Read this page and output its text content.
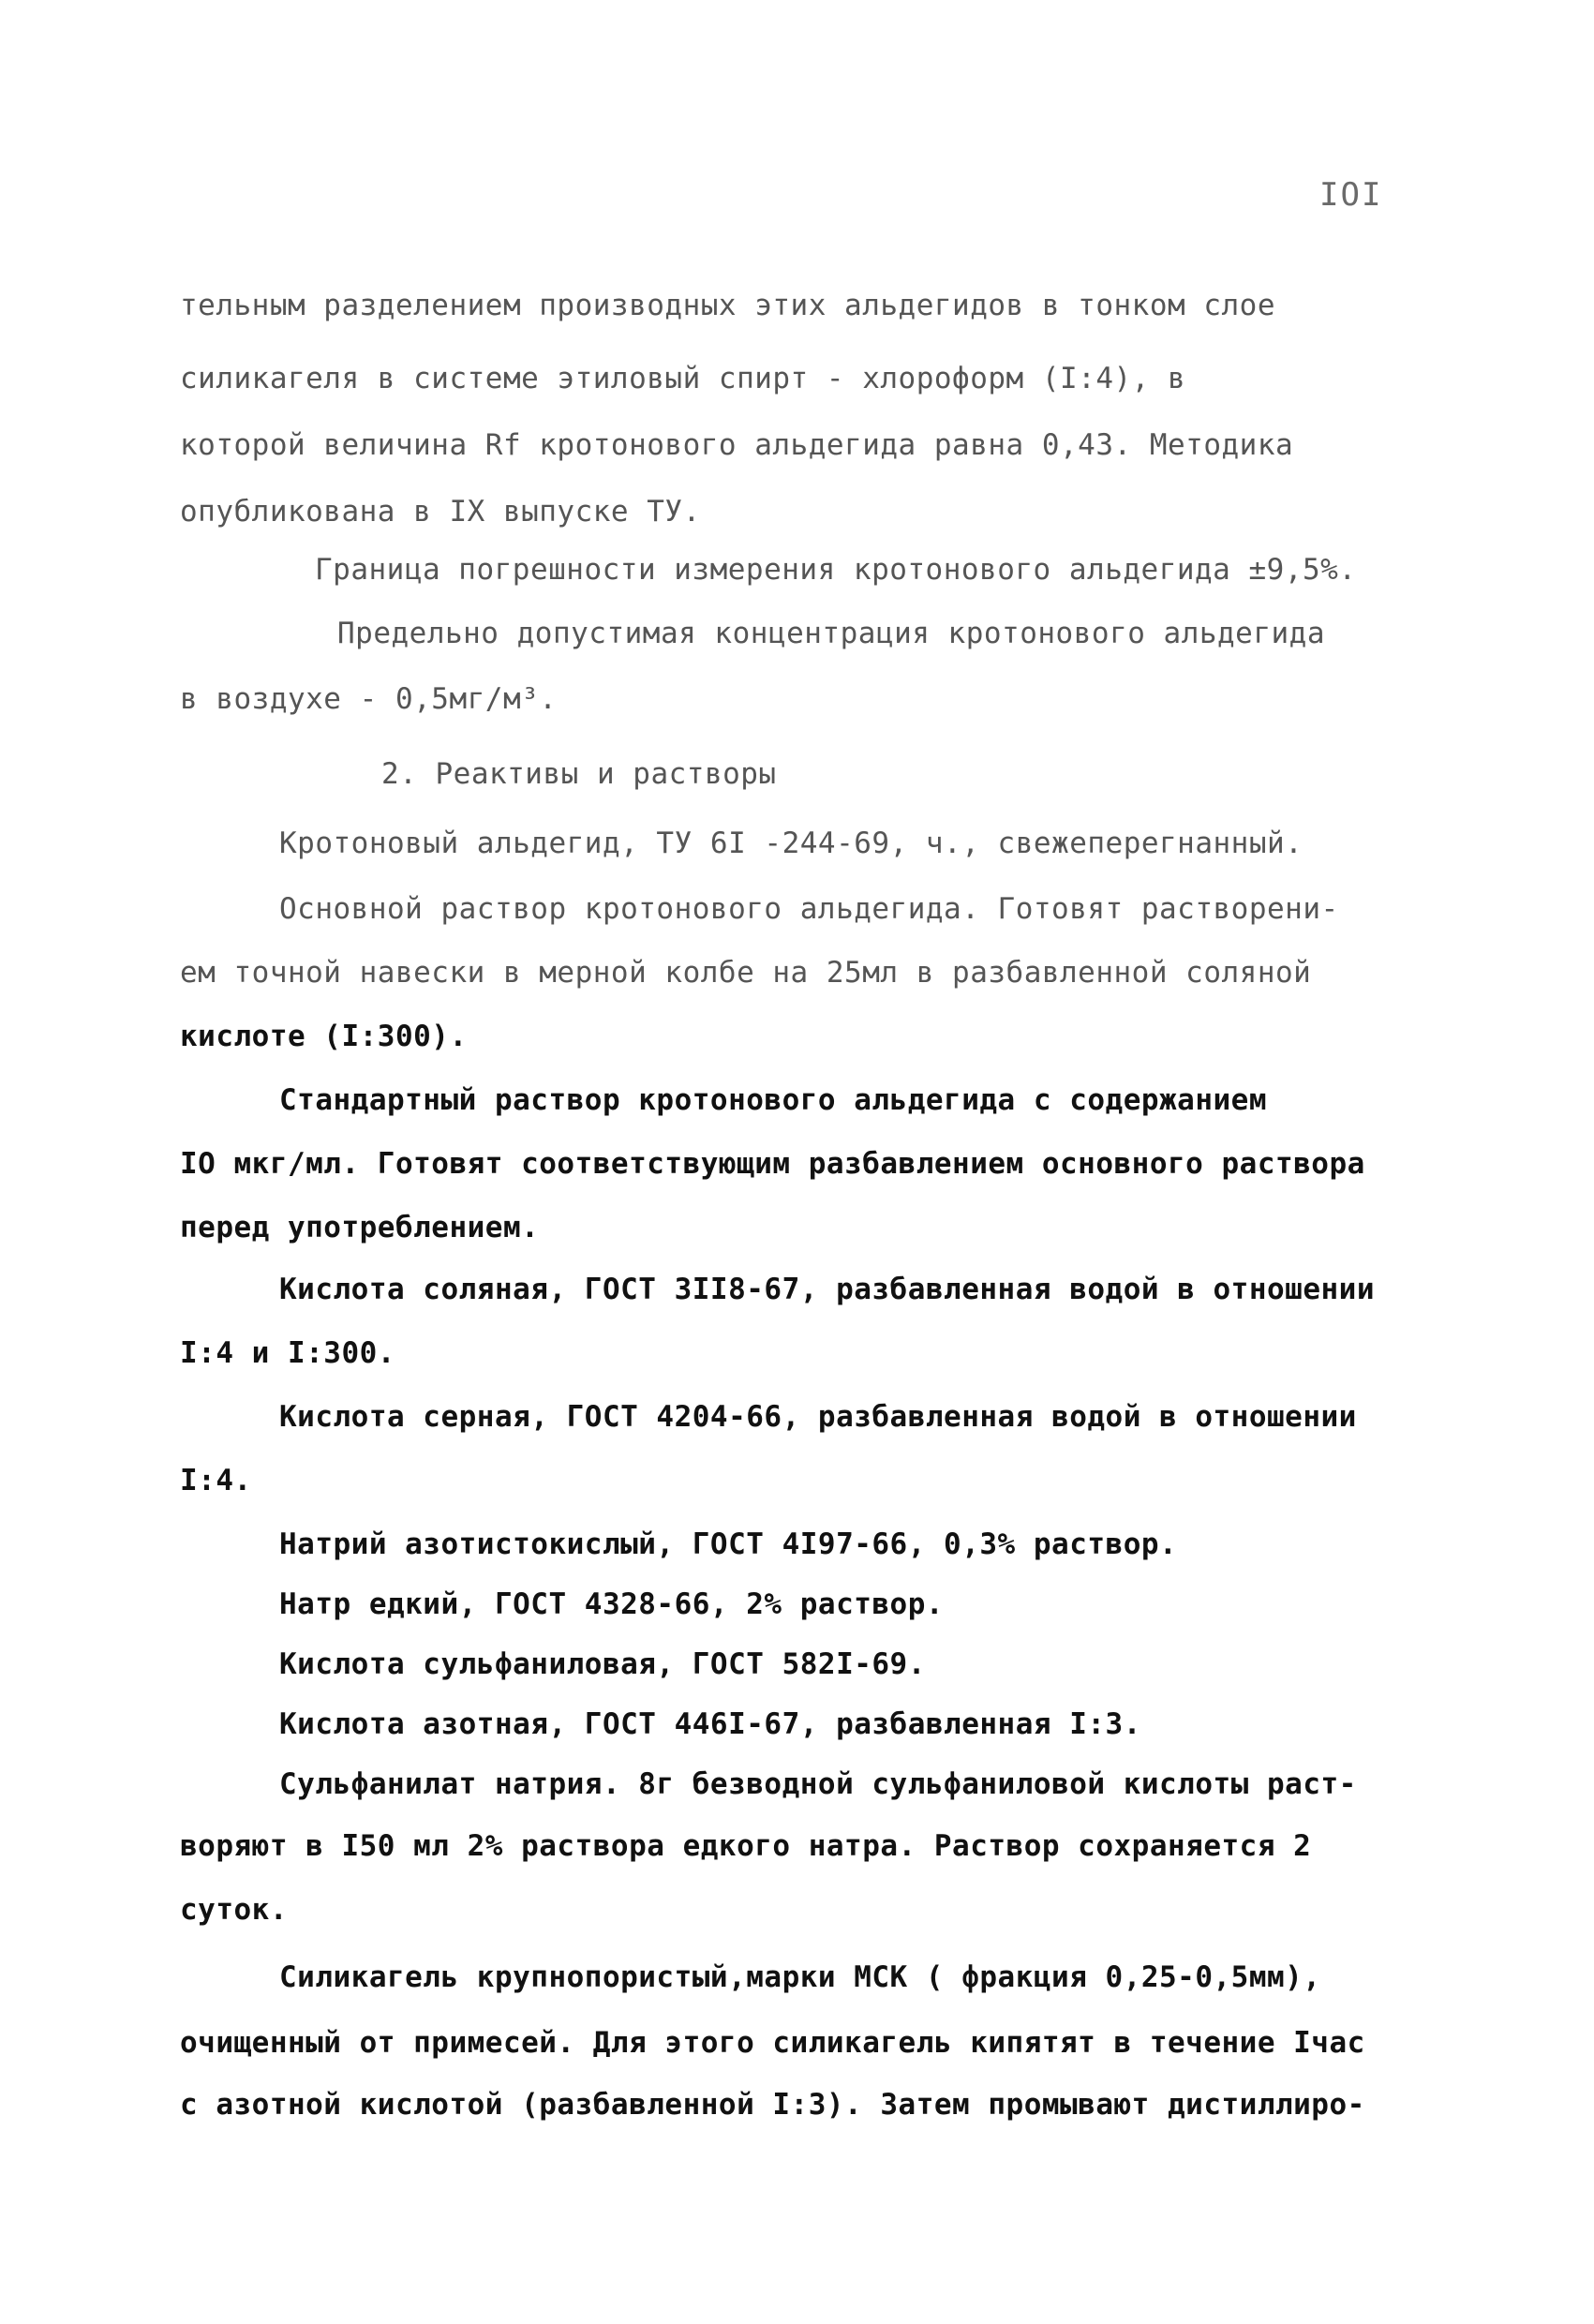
IOI
тельным разделением производных этих альдегидов в тонком слое
силикагеля в системе этиловый спирт - хлороформ (I:4), в
которой величина Rf кротонового альдегида равна 0,43. Методика
опубликована в IX выпуске ТУ.
Граница погрешности измерения кротонового альдегида ±9,5%.
Предельно допустимая концентрация кротонового альдегида
в воздухе - 0,5мг/м³.
2. Реактивы и растворы
Кротоновый альдегид, ТУ 6I -244-69, ч., свежеперегнанный.
Основной раствор кротонового альдегида. Готовят растворени-
ем точной навески в мерной колбе на 25мл в разбавленной соляной
кислоте (I:300).
Стандартный раствор кротонового альдегида с содержанием
IO мкг/мл. Готовят соответствующим разбавлением основного раствора
перед употреблением.
Кислота соляная, ГОСТ 3II8-67, разбавленная водой в отношении
I:4 и I:300.
Кислота серная, ГОСТ 4204-66, разбавленная водой в отношении
I:4.
Натрий азотистокислый, ГОСТ 4I97-66, 0,3% раствор.
Натр едкий, ГОСТ 4328-66, 2% раствор.
Кислота сульфаниловая, ГОСТ 582I-69.
Кислота азотная, ГОСТ 446I-67, разбавленная I:3.
Сульфанилат натрия. 8г безводной сульфаниловой кислоты раст-
воряют в I50 мл 2% раствора едкого натра. Раствор сохраняется 2
суток.
Силикагель крупнопористый,марки МСК ( фракция 0,25-0,5мм),
очищенный от примесей. Для этого силикагель кипятят в течение Iчас
с азотной кислотой (разбавленной I:3). Затем промывают дистиллиро-
